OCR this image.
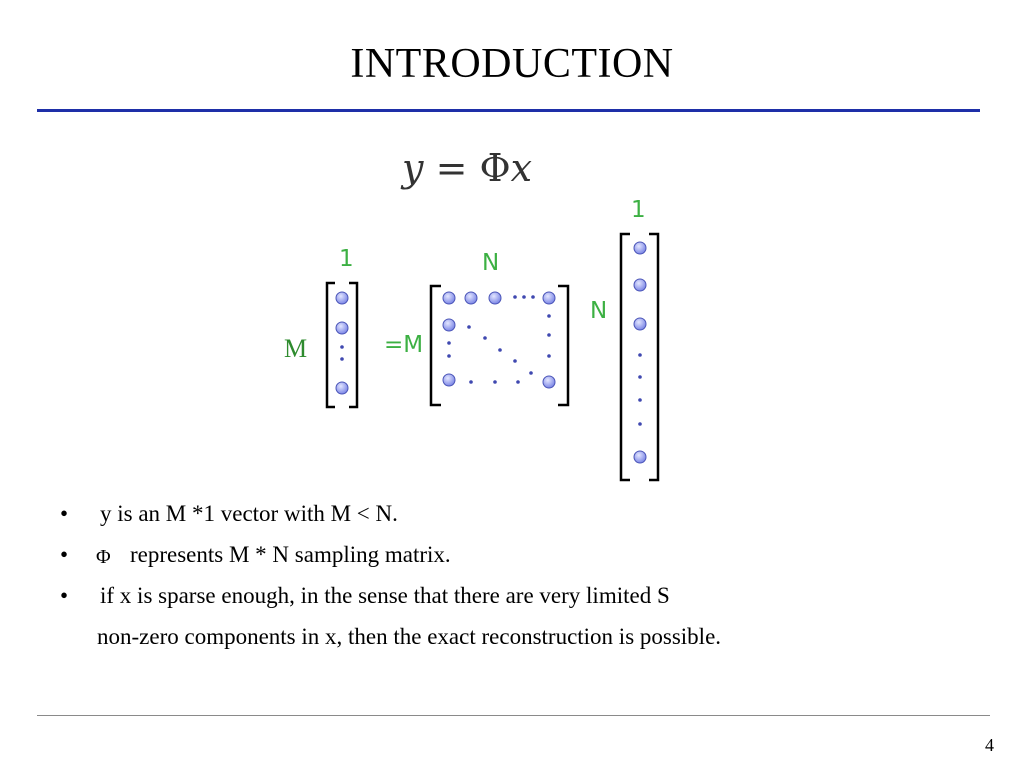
INTRODUCTION
y = Φx
1
M
N
=M
1
N
• y is an M *1 vector with M < N.
• Φ represents M * N sampling matrix.
• if x is sparse enough, in the sense that there are very limited S
non-zero components in x, then the exact reconstruction is possible.
4
